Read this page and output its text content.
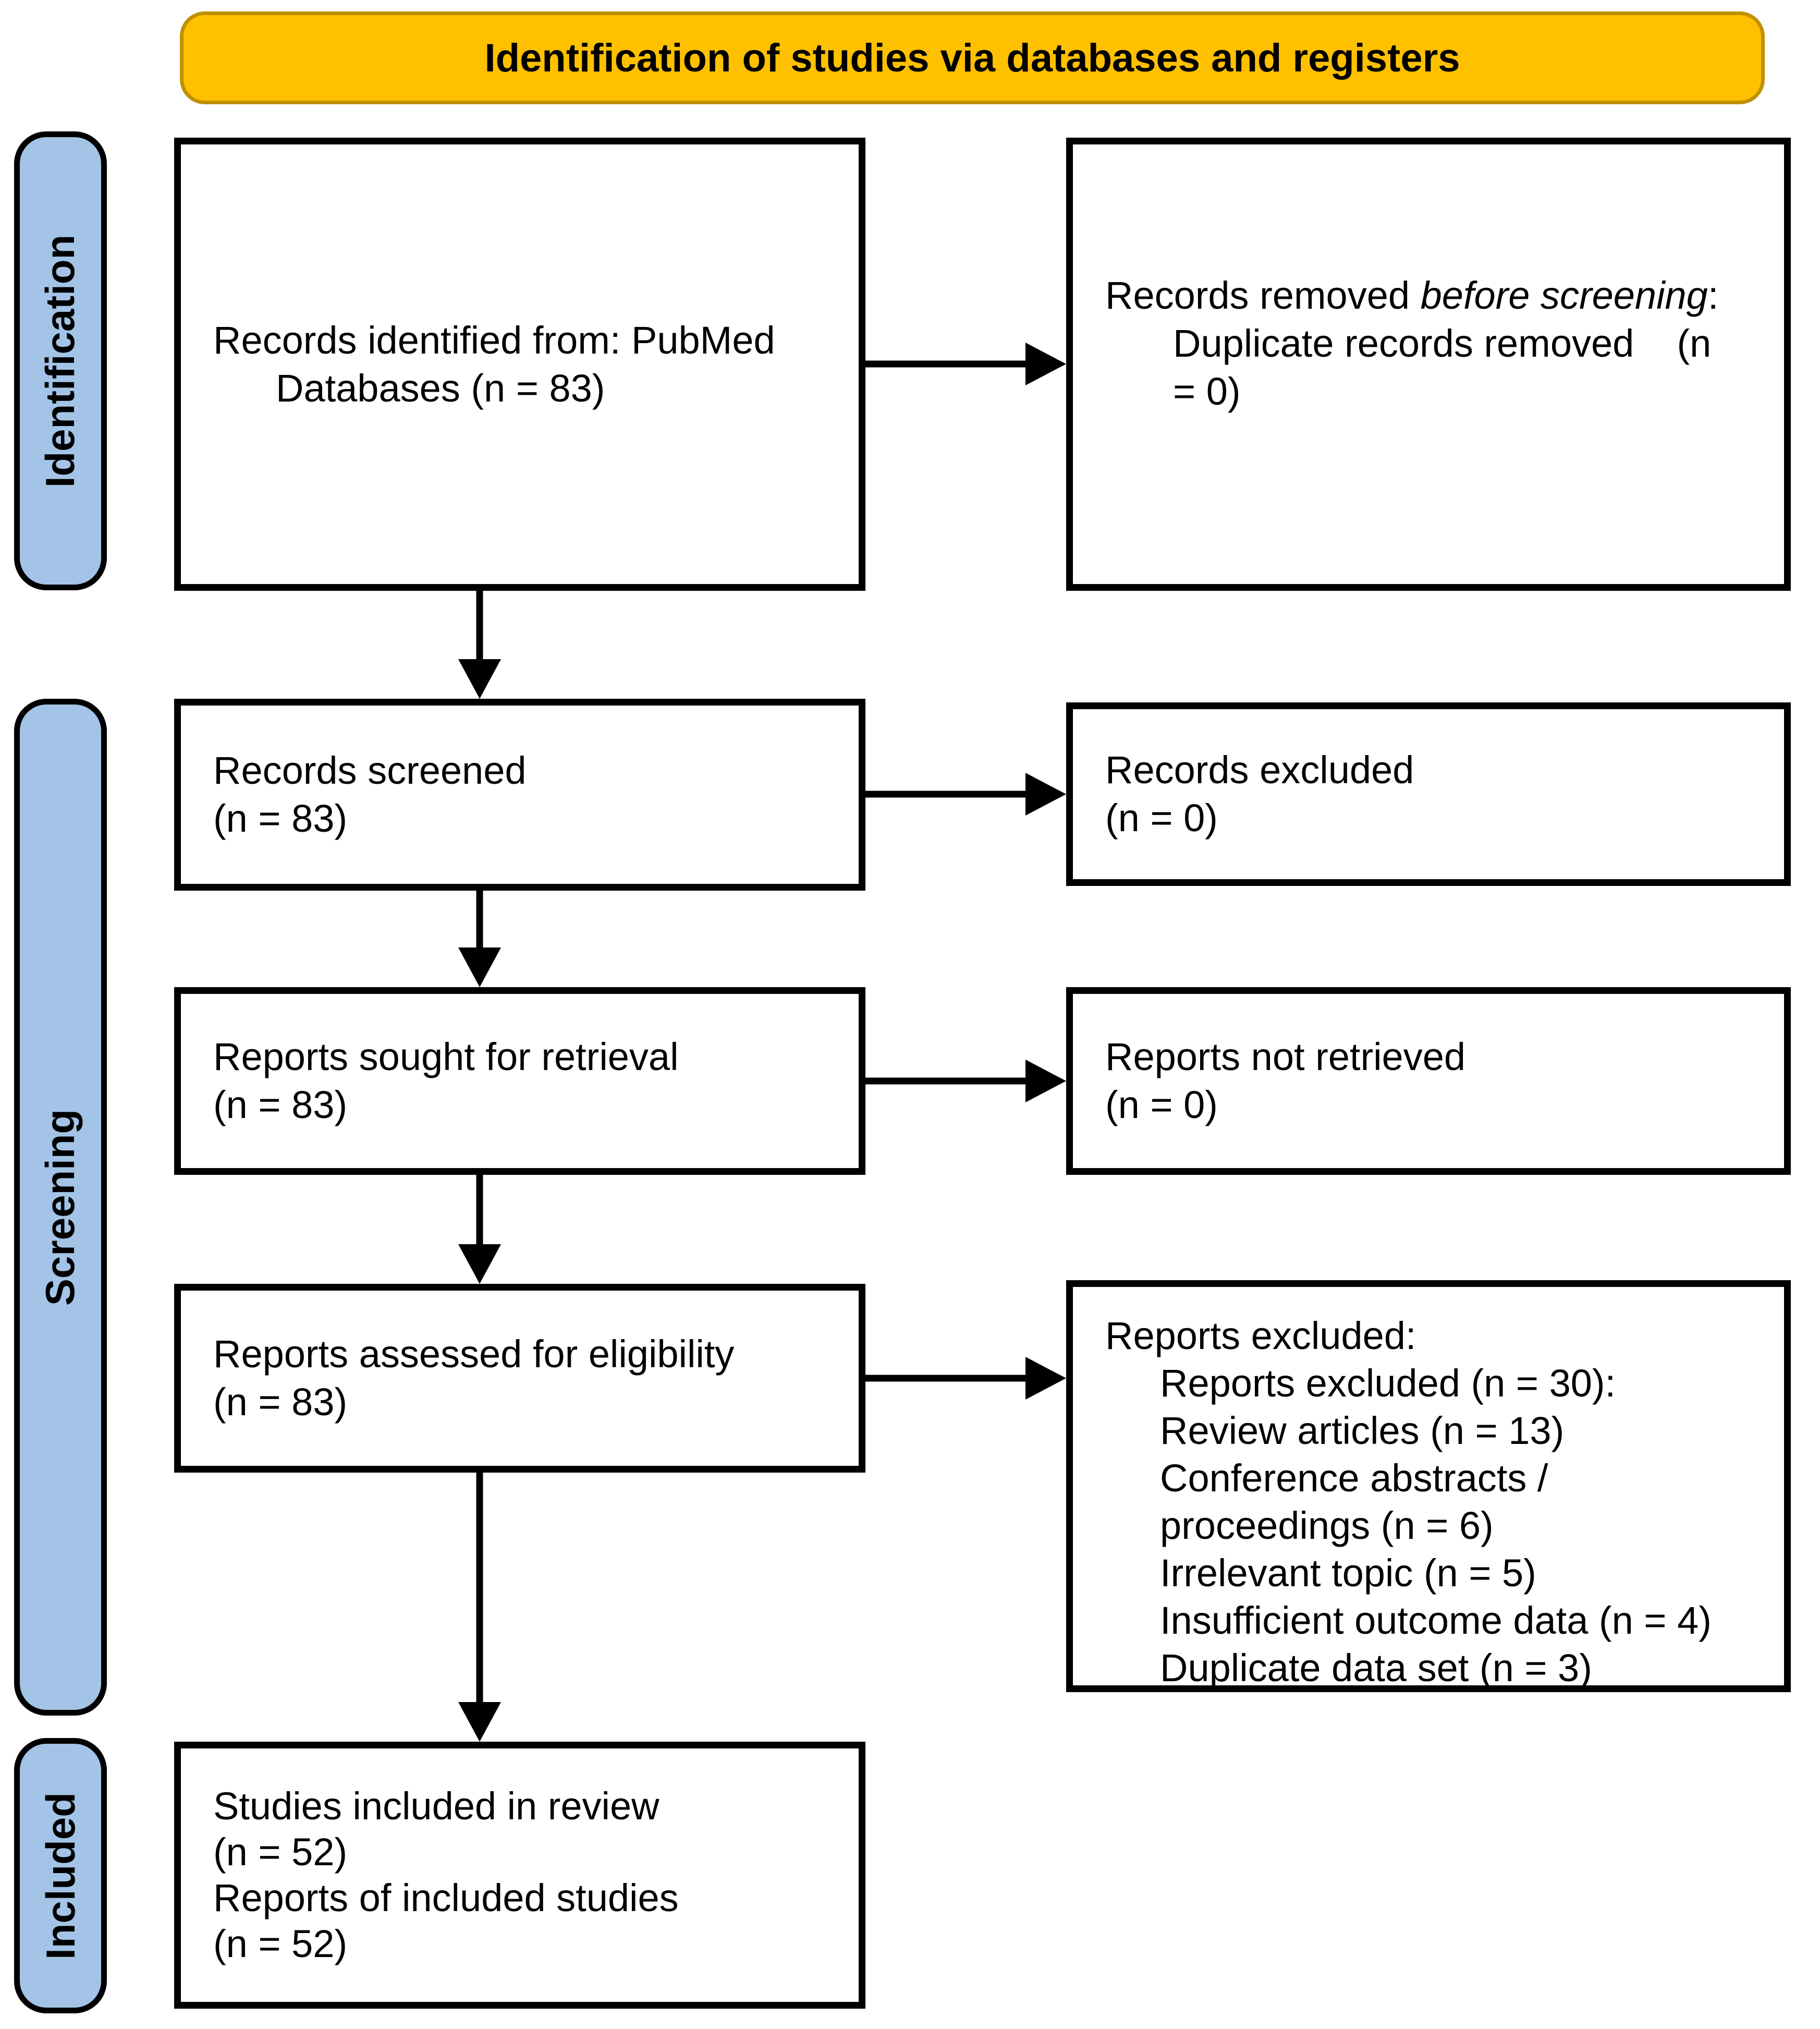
Identification of studies via databases and registers
Identification
Screening
Included
Records identified from: PubMed
Databases (n = 83)
Records removed before screening:
Duplicate records removed    (n
= 0)
Records screened
(n = 83)
Records excluded
(n = 0)
Reports sought for retrieval
(n = 83)
Reports not retrieved
(n = 0)
Reports assessed for eligibility
(n = 83)
Reports excluded:
Reports excluded (n = 30):
Review articles (n = 13)
Conference abstracts / proceedings (n = 6)
Irrelevant topic (n = 5)
Insufficient outcome data (n = 4)
Duplicate data set (n = 3)
Studies included in review
(n = 52)
Reports of included studies
(n = 52)
